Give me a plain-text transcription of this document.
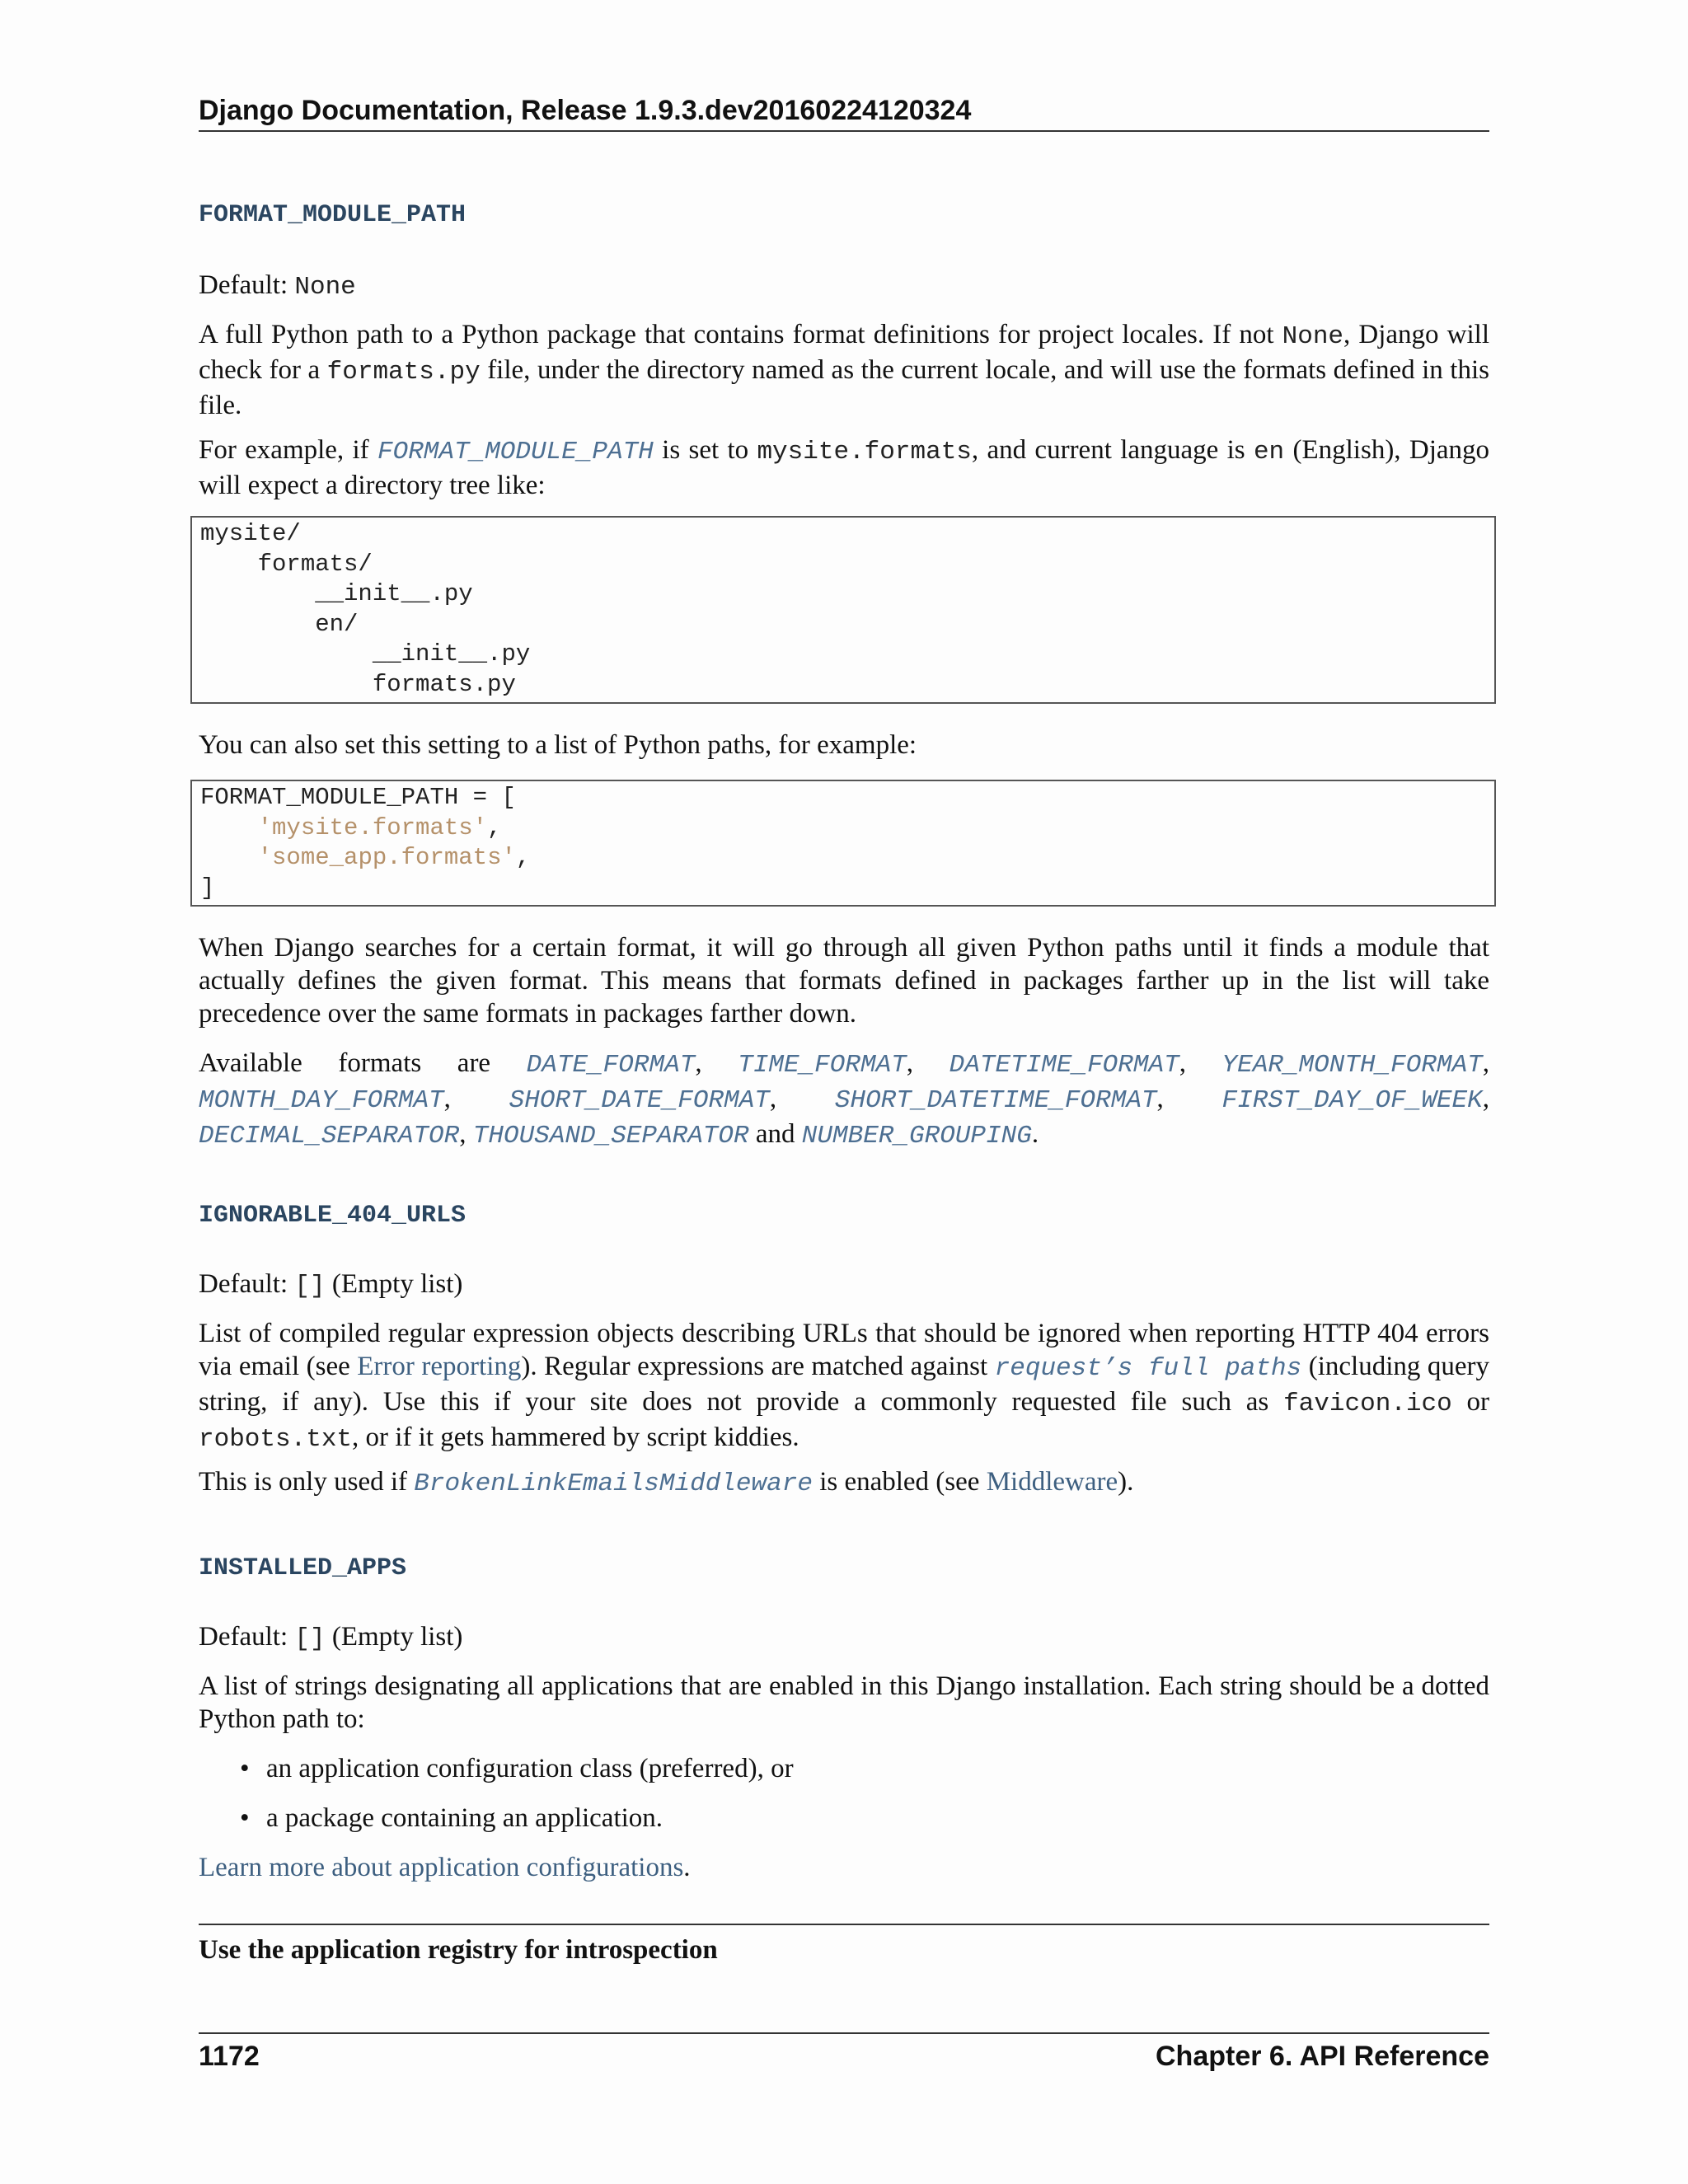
Django Documentation, Release 1.9.3.dev20160224120324
FORMAT_MODULE_PATH
Default: None
A full Python path to a Python package that contains format definitions for project locales. If not None, Django will check for a formats.py file, under the directory named as the current locale, and will use the formats defined in this file.
For example, if FORMAT_MODULE_PATH is set to mysite.formats, and current language is en (English), Django will expect a directory tree like:
mysite/
formats/
__init__.py
en/
__init__.py
formats.py
You can also set this setting to a list of Python paths, for example:
FORMAT_MODULE_PATH = [
'mysite.formats',
'some_app.formats',
]
When Django searches for a certain format, it will go through all given Python paths until it finds a module that actually defines the given format. This means that formats defined in packages farther up in the list will take precedence over the same formats in packages farther down.
Available formats are DATE_FORMAT, TIME_FORMAT, DATETIME_FORMAT, YEAR_MONTH_FORMAT, MONTH_DAY_FORMAT, SHORT_DATE_FORMAT, SHORT_DATETIME_FORMAT, FIRST_DAY_OF_WEEK, DECIMAL_SEPARATOR, THOUSAND_SEPARATOR and NUMBER_GROUPING.
IGNORABLE_404_URLS
Default: [] (Empty list)
List of compiled regular expression objects describing URLs that should be ignored when reporting HTTP 404 errors via email (see Error reporting). Regular expressions are matched against request’s full paths (including query string, if any). Use this if your site does not provide a commonly requested file such as favicon.ico or robots.txt, or if it gets hammered by script kiddies.
This is only used if BrokenLinkEmailsMiddleware is enabled (see Middleware).
INSTALLED_APPS
Default: [] (Empty list)
A list of strings designating all applications that are enabled in this Django installation. Each string should be a dotted Python path to:
• an application configuration class (preferred), or
• a package containing an application.
Learn more about application configurations.
Use the application registry for introspection
1172	Chapter 6. API Reference
